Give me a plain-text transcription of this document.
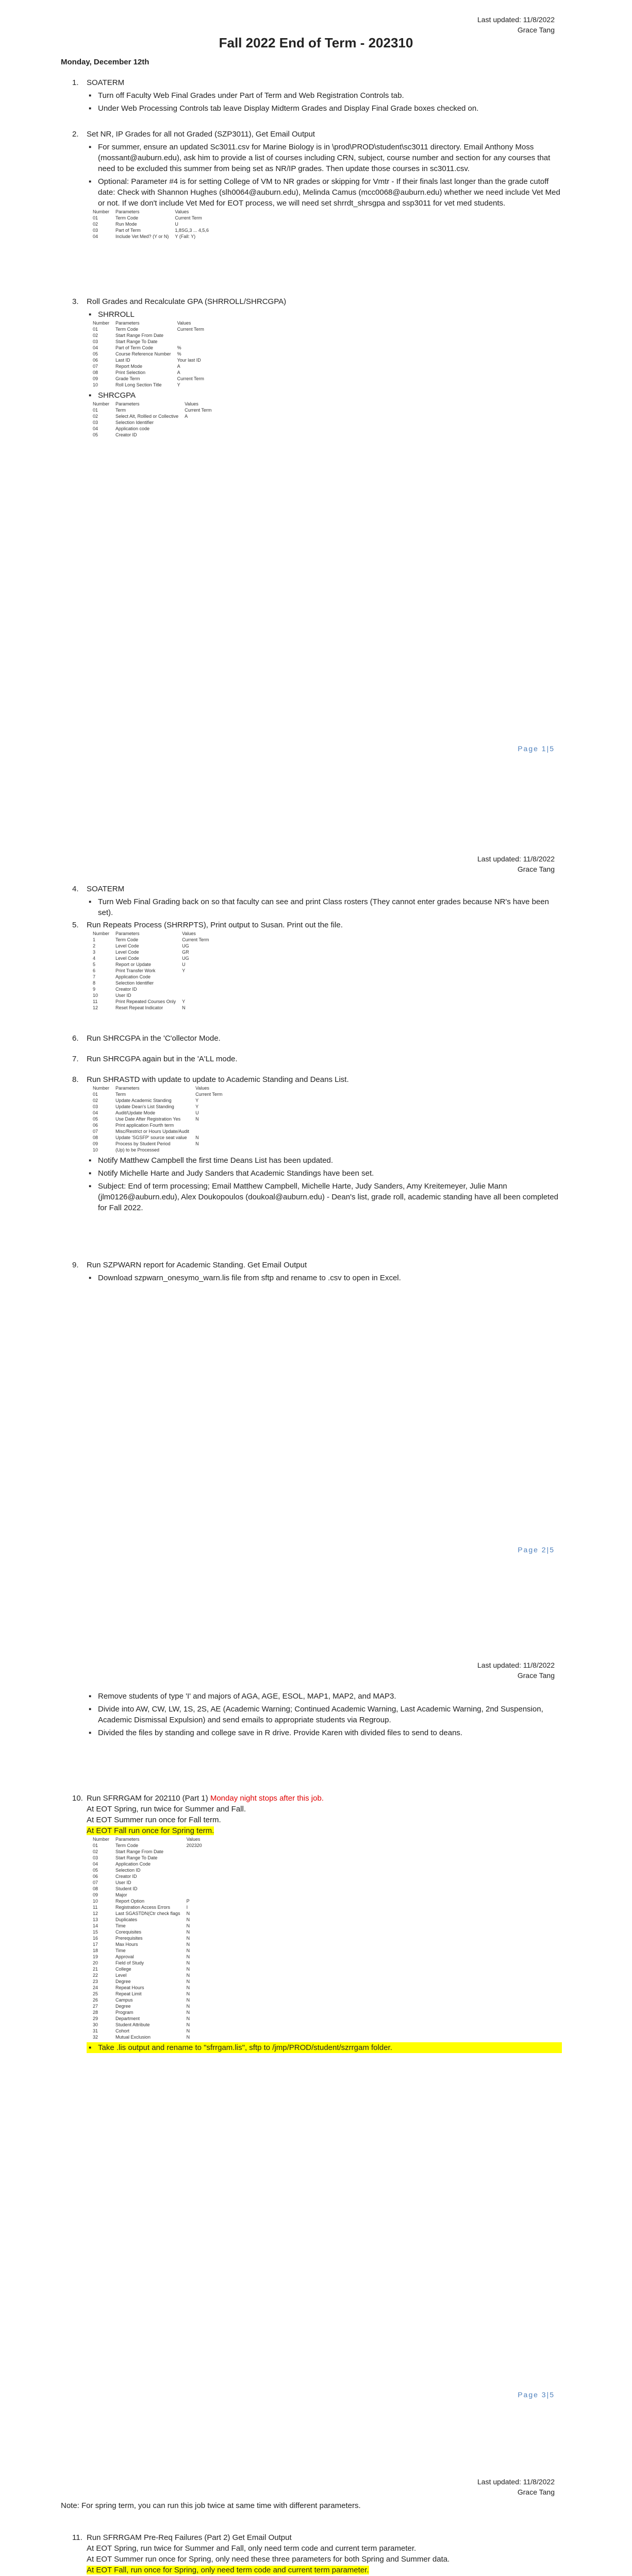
Last updated: 11/8/2022
Grace Tang
Fall 2022 End of Term - 202310
Monday, December 12th
1. SOATERM
▪ Turn off Faculty Web Final Grades under Part of Term and Web Registration Controls tab.
▪ Under Web Processing Controls tab leave Display Midterm Grades and Display Final Grade boxes checked on.
2. Set NR, IP Grades for all not Graded (SZP3011), Get Email Output
▪ For summer, ensure an updated Sc3011.csv for Marine Biology is in \prod\PROD\student\sc3011 directory. Email Anthony Moss (mossant@auburn.edu), ask him to provide a list of courses including CRN, subject, course number and section for any courses that need to be excluded this summer from being set as NR/IP grades. Then update those courses in sc3011.csv.
▪ Optional: Parameter #4 is for setting College of VM to NR grades or skipping for Vmtr - If their finals last longer than the grade cutoff date: Check with Shannon Hughes (slh0064@auburn.edu), Melinda Camus (mcc0068@auburn.edu) whether we need include Vet Med or not. If we don't include Vet Med for EOT process, we will need set shrrdt_shrsgpa and ssp3011 for vet med students.
Number	Parameters	Values
01	Term Code	Current Term
02	Run Mode	U
03	Part of Term	1,8SG,3 ... 4,5,6
04	Include Vet Med? (Y or N)	Y (Fall: Y)
3. Roll Grades and Recalculate GPA (SHRROLL/SHRCGPA)
▪ SHRROLL
Number	Parameters	Values
01	Term Code	Current Term
02	Start Range From Date	
03	Start Range To Date	
04	Part of Term Code	%
05	Course Reference Number	%
06	Last ID	Your last ID
07	Report Mode	A
08	Print Selection	A
09	Grade Term	Current Term
10	Roll Long Section Title	Y
▪ SHRCGPA
Number	Parameters	Values
01	Term	Current Term
02	Select Alt, Rollled or Collective	A
03	Selection Identifier	
04	Application code	
05	Creator ID	
Page 1|5
Last updated: 11/8/2022
Grace Tang
4. SOATERM
▪ Turn Web Final Grading back on so that faculty can see and print Class rosters (They cannot enter grades because NR's have been set).
5. Run Repeats Process (SHRRPTS), Print output to Susan. Print out the file.
Number	Parameters	Values
1	Term Code	Current Term
2	Level Code	UG
3	Level Code	GR
4	Level Code	UG
5	Report or Update	U
6	Print Transfer Work	Y
7	Application Code	
8	Selection Identifier	
9	Creator ID	
10	User ID	
11	Print Repeated Courses Only	Y
12	Reset Repeat Indicator	N
6. Run SHRCGPA in the 'C'ollector Mode.
7. Run SHRCGPA again but in the 'A'LL mode.
8. Run SHRASTD with update to update to Academic Standing and Deans List.
Number	Parameters	Values
01	Term	Current Term
02	Update Academic Standing	Y
03	Update Dean's List Standing	Y
04	Audit/Update Mode	U
05	Use Date After Registration Yes	N
06	Print application Fourth term	
07	Misc/Restrict or Hours Update/Audit	
08	Update 'SGSFP' source seat value	N
09	Process by Student Period	N
10	(Up) to be Processed	
▪ Notify Matthew Campbell the first time Deans List has been updated.
▪ Notify Michelle Harte and Judy Sanders that Academic Standings have been set.
▪ Subject: End of term processing; Email Matthew Campbell, Michelle Harte, Judy Sanders, Amy Kreitemeyer, Julie Mann (jlm0126@auburn.edu), Alex Doukopoulos (doukoal@auburn.edu) - Dean's list, grade roll, academic standing have all been completed for Fall 2022.
9. Run SZPWARN report for Academic Standing. Get Email Output
▪ Download szpwarn_onesymo_warn.lis file from sftp and rename to .csv to open in Excel.
Page 2|5
Last updated: 11/8/2022
Grace Tang
▪ Remove students of type 'I' and majors of AGA, AGE, ESOL, MAP1, MAP2, and MAP3.
▪ Divide into AW, CW, LW, 1S, 2S, AE (Academic Warning; Continued Academic Warning, Last Academic Warning, 2nd Suspension, Academic Dismissal Expulsion) and send emails to appropriate students via Regroup.
▪ Divided the files by standing and college save in R drive. Provide Karen with divided files to send to deans.
10. Run SFRRGAM for 202110 (Part 1) Monday night stops after this job.
At EOT Spring, run twice for Summer and Fall.
At EOT Summer run once for Fall term.
At EOT Fall run once for Spring term.
Number	Parameters	Values
01	Term Code	202320
02	Start Range From Date	
03	Start Range To Date	
04	Application Code	
05	Selection ID	
06	Creator ID	
07	User ID	
08	Student ID	
09	Major	
10	Report Option	P
11	Registration Access Errors	I
12	Last SGASTDN(Ctr check flags	N
13	Duplicates	N
14	Time	N
15	Corequisites	N
16	Prerequisites	N
17	Max Hours	N
18	Time	N
19	Approval	N
20	Field of Study	N
21	College	N
22	Level	N
23	Degree	N
24	Repeat Hours	N
25	Repeat Limit	N
26	Campus	N
27	Degree	N
28	Program	N
29	Department	N
30	Student Attribute	N
31	Cohort	N
32	Mutual Exclusion	N
▪ Take .lis output and rename to "sfrrgam.lis", sftp to /jmp/PROD/student/szrrgam folder.
Page 3|5
Last updated: 11/8/2022
Grace Tang
Note: For spring term, you can run this job twice at same time with different parameters.
11. Run SFRRGAM Pre-Req Failures (Part 2) Get Email Output
At EOT Spring, run twice for Summer and Fall, only need term code and current term parameter.
At EOT Summer run once for Spring, only need these three parameters for both Spring and Summer data.
At EOT Fall, run once for Spring, only need term code and current term parameter.
